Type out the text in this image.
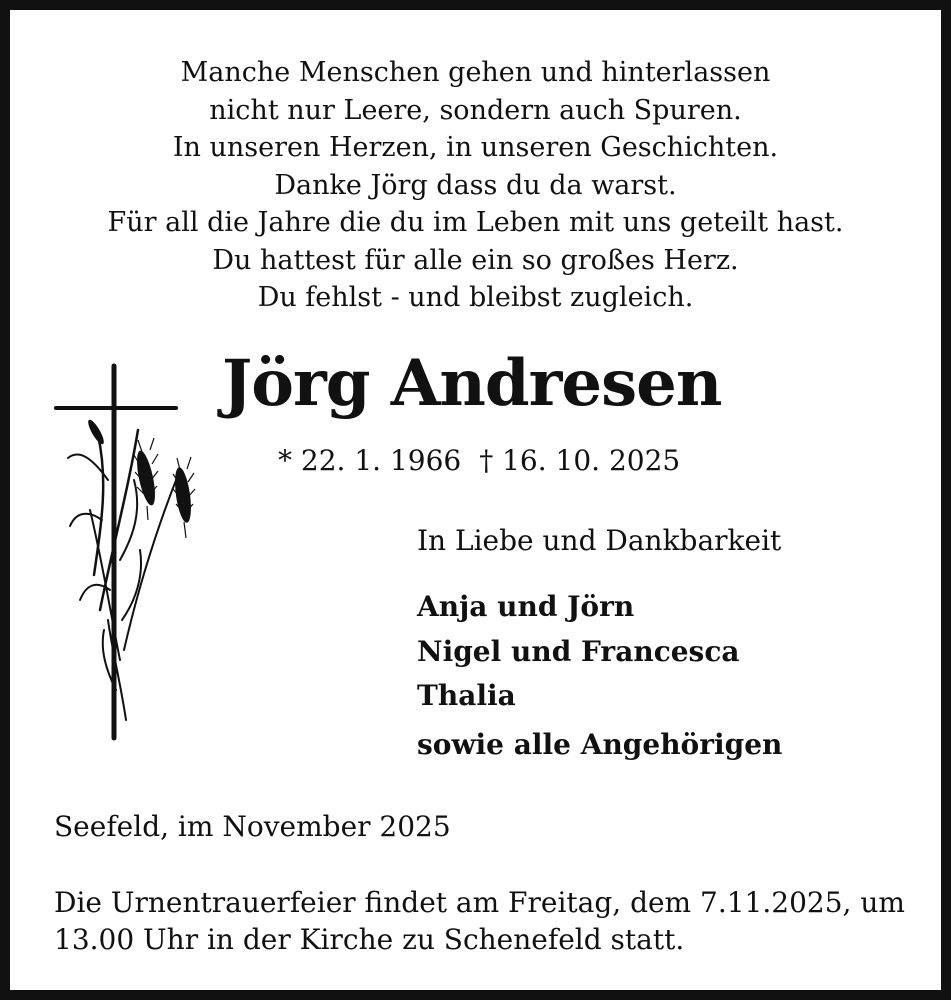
Manche Menschen gehen und hinterlassen
nicht nur Leere, sondern auch Spuren.
In unseren Herzen, in unseren Geschichten.
Danke Jörg dass du da warst.
Für all die Jahre die du im Leben mit uns geteilt hast.
Du hattest für alle ein so großes Herz.
Du fehlst - und bleibst zugleich.
Jörg Andresen
* 22. 1. 1966 † 16. 10. 2025
In Liebe und Dankbarkeit
Anja und Jörn
Nigel und Francesca
Thalia
sowie alle Angehörigen
Seefeld, im November 2025
Die Urnentrauerfeier findet am Freitag, dem 7.11.2025, um
13.00 Uhr in der Kirche zu Schenefeld statt.
